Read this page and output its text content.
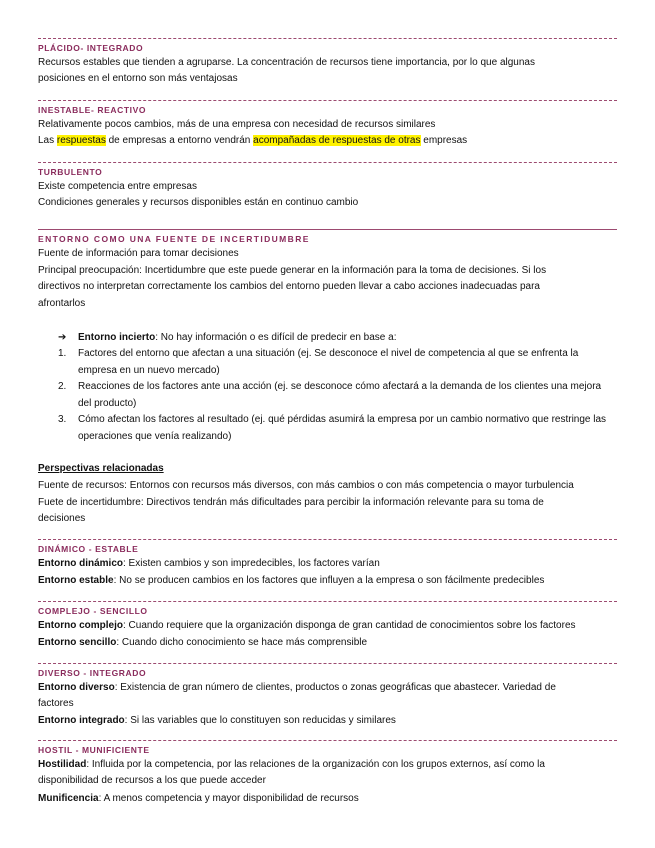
PLÁCIDO- INTEGRADO
Recursos estables que tienden a agruparse. La concentración de recursos tiene importancia, por lo que algunas
posiciones en el entorno son más ventajosas
INESTABLE- REACTIVO
Relativamente pocos cambios, más de una empresa con necesidad de recursos similares
Las respuestas de empresas a entorno vendrán acompañadas de respuestas de otras empresas
TURBULENTO
Existe competencia entre empresas
Condiciones generales y recursos disponibles están en continuo cambio
ENTORNO COMO UNA FUENTE DE INCERTIDUMBRE
Fuente de información para tomar decisiones
Principal preocupación: Incertidumbre que este puede generar en la información para la toma de decisiones. Si los
directivos no interpretan correctamente los cambios del entorno pueden llevar a cabo acciones inadecuadas para
afrontarlos
➔	Entorno incierto: No hay información o es difícil de predecir en base a:
1.	Factores del entorno que afectan a una situación (ej. Se desconoce el nivel de competencia al que se enfrenta la empresa en un nuevo mercado)
2.	Reacciones de los factores ante una acción (ej. se desconoce cómo afectará a la demanda de los clientes una mejora del producto)
3.	Cómo afectan los factores al resultado (ej. qué pérdidas asumirá la empresa por un cambio normativo que restringe las operaciones que venía realizando)
Perspectivas relacionadas
Fuente de recursos: Entornos con recursos más diversos, con más cambios o con más competencia o mayor turbulencia
Fuete de incertidumbre: Directivos tendrán más dificultades para percibir la información relevante para su toma de
decisiones
DINÁMICO - ESTABLE
Entorno dinámico: Existen cambios y son impredecibles, los factores varían
Entorno estable: No se producen cambios en los factores que influyen a la empresa o son fácilmente predecibles
COMPLEJO - SENCILLO
Entorno complejo: Cuando requiere que la organización disponga de gran cantidad de conocimientos sobre los factores
Entorno sencillo: Cuando dicho conocimiento se hace más comprensible
DIVERSO - INTEGRADO
Entorno diverso: Existencia de gran número de clientes, productos o zonas geográficas que abastecer. Variedad de
factores
Entorno integrado: Si las variables que lo constituyen son reducidas y similares
HOSTIL - MUNIFICIENTE
Hostilidad: Influida por la competencia, por las relaciones de la organización con los grupos externos, así como la
disponibilidad de recursos a los que puede acceder
Munificencia: A menos competencia y mayor disponibilidad de recursos
